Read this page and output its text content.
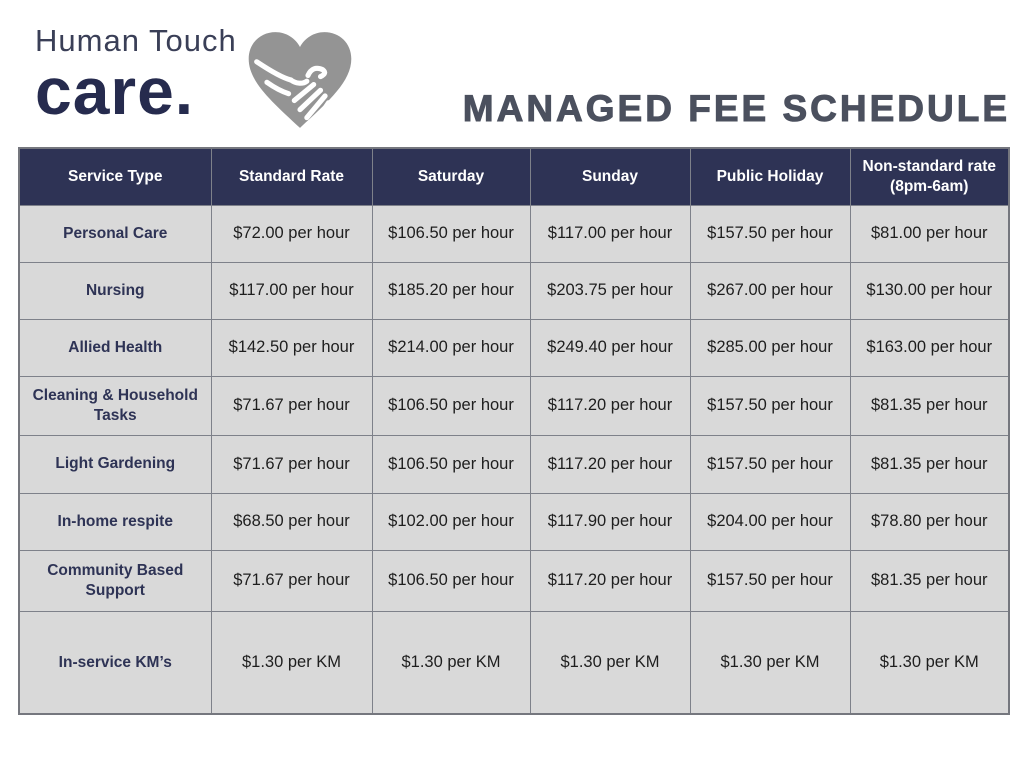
Human Touch
care.	MANAGED FEE SCHEDULE
Service Type	Standard Rate	Saturday	Sunday	Public Holiday	Non-standard rate (8pm-6am)
Personal Care	$72.00 per hour	$106.50 per hour	$117.00 per hour	$157.50 per hour	$81.00 per hour
Nursing	$117.00 per hour	$185.20 per hour	$203.75 per hour	$267.00 per hour	$130.00 per hour
Allied Health	$142.50 per hour	$214.00 per hour	$249.40 per hour	$285.00 per hour	$163.00 per hour
Cleaning & Household Tasks	$71.67 per hour	$106.50 per hour	$117.20 per hour	$157.50 per hour	$81.35 per hour
Light Gardening	$71.67 per hour	$106.50 per hour	$117.20 per hour	$157.50 per hour	$81.35 per hour
In-home respite	$68.50 per hour	$102.00 per hour	$117.90 per hour	$204.00 per hour	$78.80 per hour
Community Based Support	$71.67 per hour	$106.50 per hour	$117.20 per hour	$157.50 per hour	$81.35 per hour
In-service KM’s	$1.30 per KM	$1.30 per KM	$1.30 per KM	$1.30 per KM	$1.30 per KM
